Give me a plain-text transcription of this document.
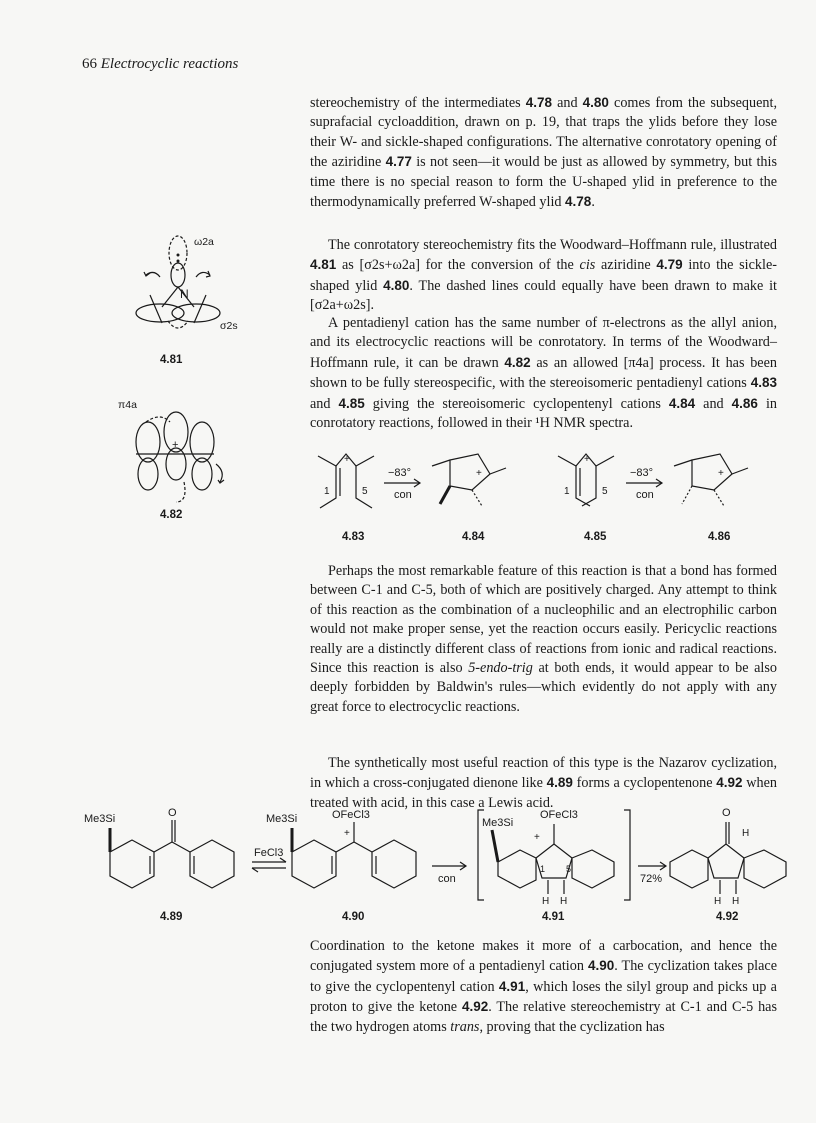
66 Electrocyclic reactions

stereochemistry of the intermediates 4.78 and 4.80 comes from the subsequent, suprafacial cycloaddition, drawn on p. 19, that traps the ylids before they lose their W- and sickle-shaped configurations. The alternative conrotatory opening of the aziridine 4.77 is not seen—it would be just as allowed by symmetry, but this time there is no special reason to form the U-shaped ylid in preference to the thermodynamically preferred W-shaped ylid 4.78.

The conrotatory stereochemistry fits the Woodward–Hoffmann rule, illustrated 4.81 as [σ2s+ω2a] for the conversion of the cis aziridine 4.79 into the sickle-shaped ylid 4.80. The dashed lines could equally have been drawn to make it [σ2a+ω2s].

A pentadienyl cation has the same number of π-electrons as the allyl anion, and its electrocyclic reactions will be conrotatory. In terms of the Woodward–Hoffmann rule, it can be drawn 4.82 as an allowed [π4a] process. It has been shown to be fully stereospecific, with the stereoisomeric pentadienyl cations 4.83 and 4.85 giving the stereoisomeric cyclopentenyl cations 4.84 and 4.86 in conrotatory reactions, followed in their ¹H NMR spectra.

Perhaps the most remarkable feature of this reaction is that a bond has formed between C-1 and C-5, both of which are positively charged. Any attempt to think of this reaction as the combination of a nucleophilic and an electrophilic carbon would not make proper sense, yet the reaction occurs easily. Pericyclic reactions really are a distinctly different class of reactions from ionic and radical reactions. Since this reaction is also 5-endo-trig at both ends, it would appear to be also deeply forbidden by Baldwin's rules—which evidently do not apply with any great force to electrocyclic reactions.

The synthetically most useful reaction of this type is the Nazarov cyclization, in which a cross-conjugated dienone like 4.89 forms a cyclopentenone 4.92 when treated with acid, in this case a Lewis acid.

Coordination to the ketone makes it more of a carbocation, and hence the conjugated system more of a pentadienyl cation 4.90. The cyclization takes place to give the cyclopentenyl cation 4.91, which loses the silyl group and picks up a proton to give the ketone 4.92. The relative stereochemistry at C-1 and C-5 has the two hydrogen atoms trans, proving that the cyclization has

N
ω2a
σ2s
4.81
π4a
+
4.82
+
1	5
−83°
con
+
+
1	5
−83°
con
+
4.83	4.84	4.85	4.86
Me3Si	O
FeCl3
Me3Si	OFeCl3
+
con
Me3Si
OFeCl3
+
1 5
H H
72%
O
H
H H
4.89	4.90	4.91	4.92
